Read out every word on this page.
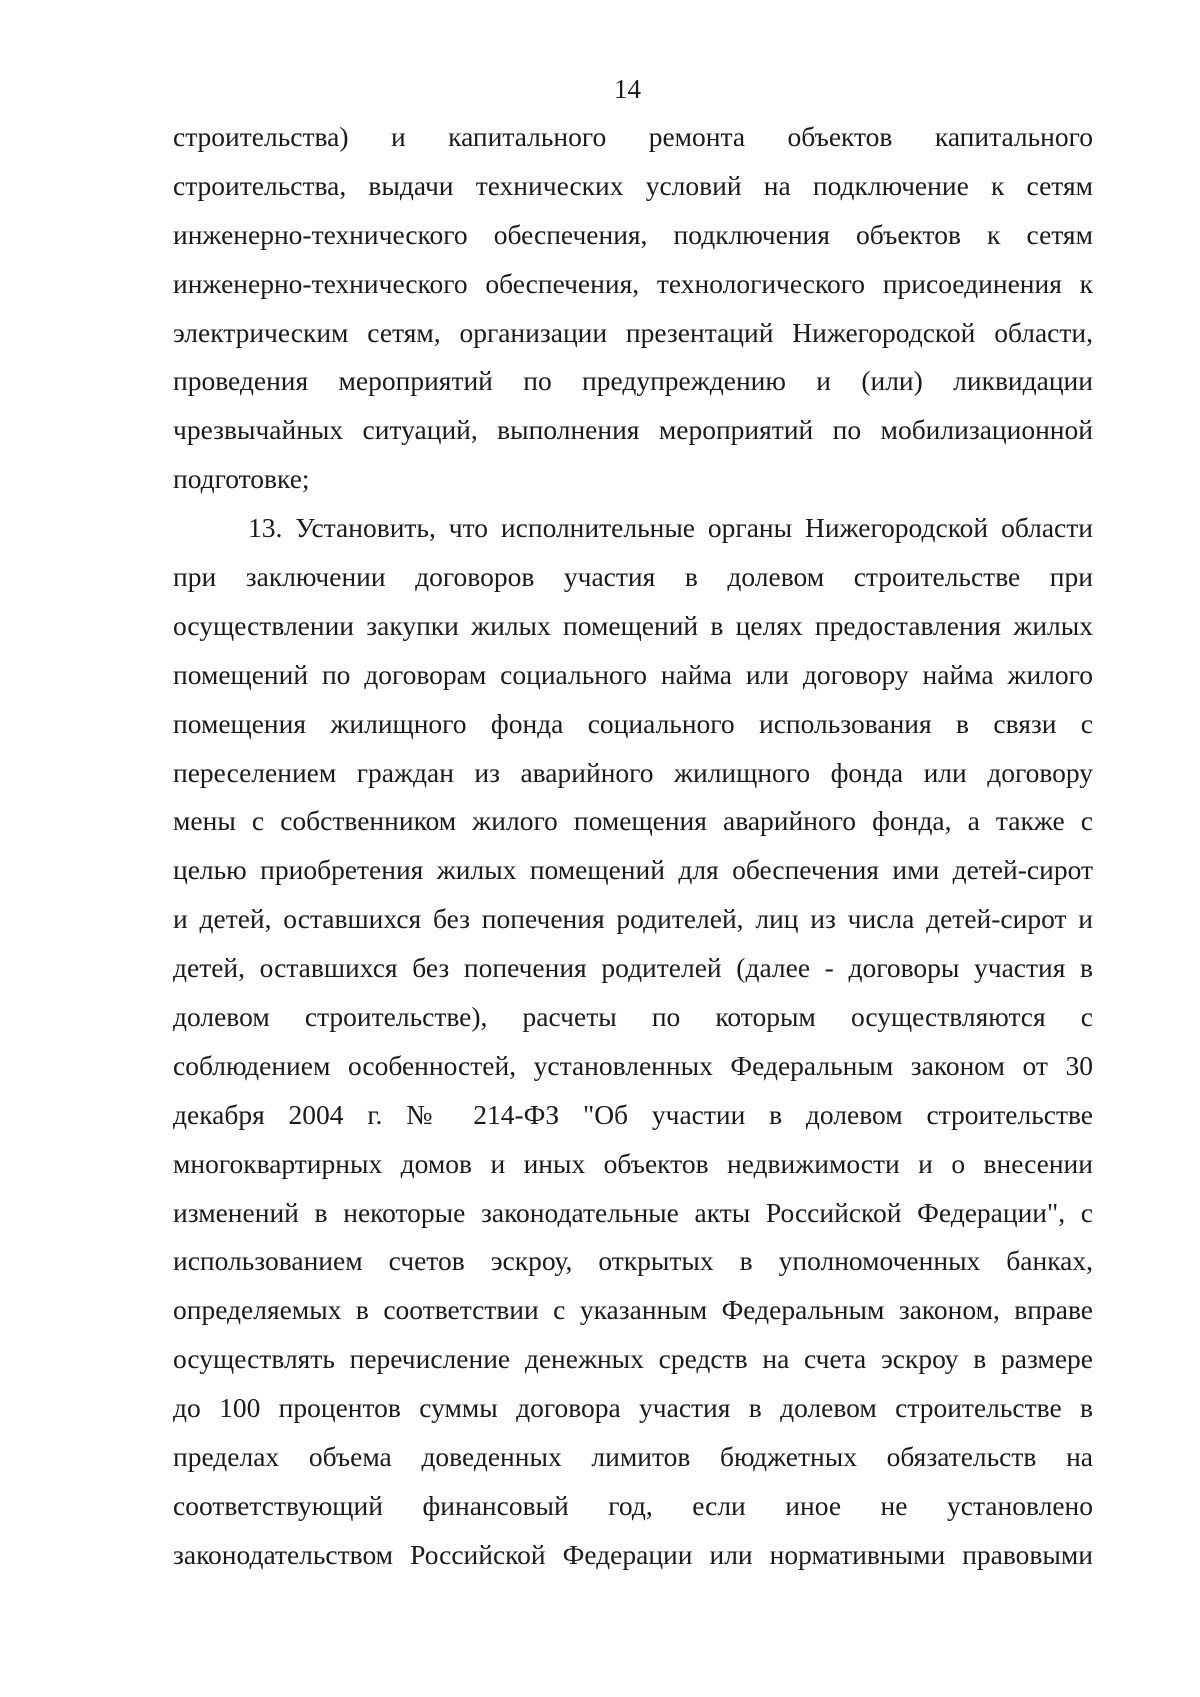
14
строительства) и капитального ремонта объектов капитального
строительства, выдачи технических условий на подключение к сетям
инженерно-технического обеспечения, подключения объектов к сетям
инженерно-технического обеспечения, технологического присоединения к
электрическим сетям, организации презентаций Нижегородской области,
проведения мероприятий по предупреждению и (или) ликвидации
чрезвычайных ситуаций, выполнения мероприятий по мобилизационной
подготовке;
13. Установить, что исполнительные органы Нижегородской области
при заключении договоров участия в долевом строительстве при
осуществлении закупки жилых помещений в целях предоставления жилых
помещений по договорам социального найма или договору найма жилого
помещения жилищного фонда социального использования в связи с
переселением граждан из аварийного жилищного фонда или договору
мены с собственником жилого помещения аварийного фонда, а также с
целью приобретения жилых помещений для обеспечения ими детей-сирот
и детей, оставшихся без попечения родителей, лиц из числа детей-сирот и
детей, оставшихся без попечения родителей (далее - договоры участия в
долевом строительстве), расчеты по которым осуществляются с
соблюдением особенностей, установленных Федеральным законом от 30
декабря 2004 г. № 214-ФЗ "Об участии в долевом строительстве
многоквартирных домов и иных объектов недвижимости и о внесении
изменений в некоторые законодательные акты Российской Федерации", с
использованием счетов эскроу, открытых в уполномоченных банках,
определяемых в соответствии с указанным Федеральным законом, вправе
осуществлять перечисление денежных средств на счета эскроу в размере
до 100 процентов суммы договора участия в долевом строительстве в
пределах объема доведенных лимитов бюджетных обязательств на
соответствующий финансовый год, если иное не установлено
законодательством Российской Федерации или нормативными правовыми
